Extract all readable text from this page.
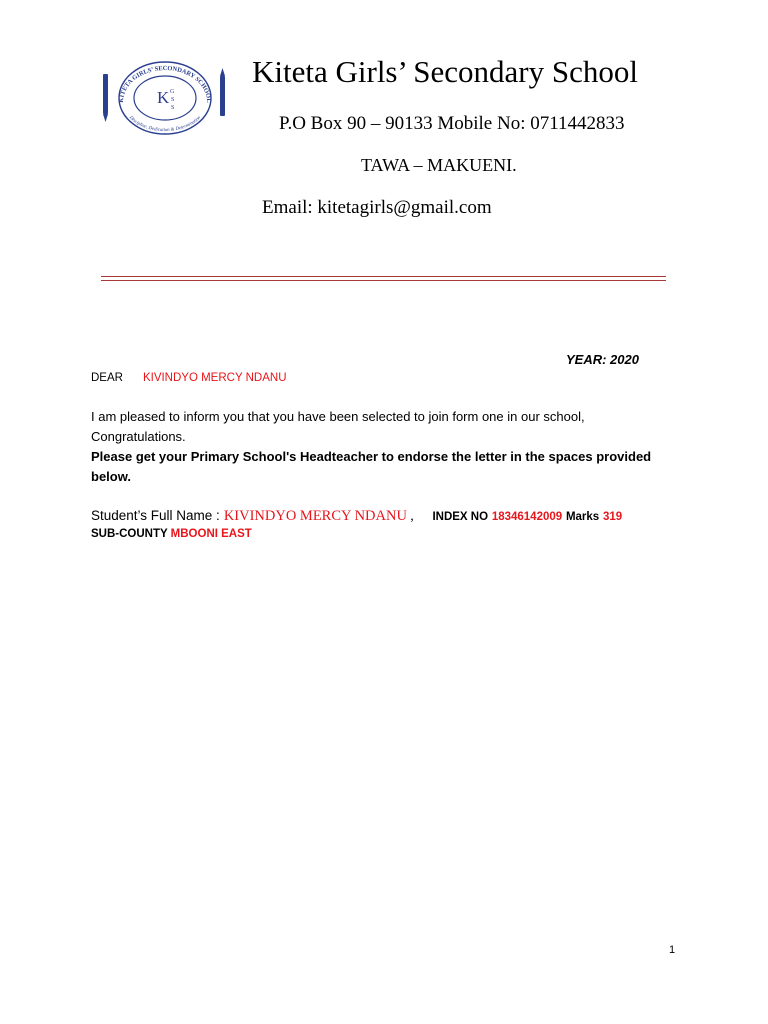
KITETA GIRLS’ SECONDARY SCHOOL
Discipline, Dedication & Determination
K G
S
S
Kiteta Girls’ Secondary School
P.O Box 90 – 90133 Mobile No: 0711442833
TAWA – MAKUENI.
Email: kitetagirls@gmail.com
YEAR: 2020
DEAR KIVINDYO MERCY NDANU
I am pleased to inform you that you have been selected to join form one in our school, Congratulations.
Please get your Primary School's Headteacher to endorse the letter in the spaces provided below.
Student’s Full Name : KIVINDYO MERCY NDANU , INDEX NO 18346142009 Marks 319
SUB-COUNTY MBOONI EAST
1
